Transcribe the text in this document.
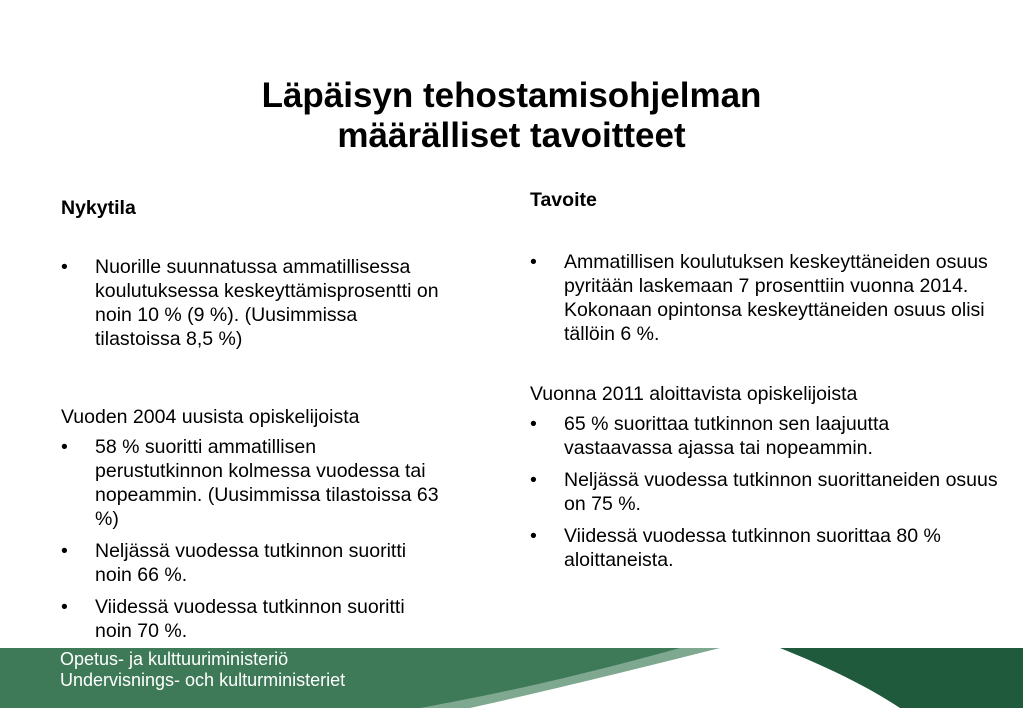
Läpäisyn tehostamisohjelman
määrälliset tavoitteet
Nykytila
• Nuorille suunnatussa ammatillisessa koulutuksessa keskeyttämisprosentti on noin 10 % (9 %). (Uusimmissa tilastoissa 8,5 %)

Vuoden 2004 uusista opiskelijoista

• 58 % suoritti ammatillisen perustutkinnon kolmessa vuodessa tai nopeammin. (Uusimmissa tilastoissa 63 %)
• Neljässä vuodessa tutkinnon suoritti noin 66 %.
• Viidessä vuodessa tutkinnon suoritti noin 70 %.
Tavoite
• Ammatillisen koulutuksen keskeyttäneiden osuus pyritään laskemaan 7 prosenttiin vuonna 2014. Kokonaan opintonsa keskeyttäneiden osuus olisi tällöin 6 %.

Vuonna 2011 aloittavista opiskelijoista

• 65 % suorittaa tutkinnon sen laajuutta vastaavassa ajassa tai nopeammin.
• Neljässä vuodessa tutkinnon suorittaneiden osuus on 75 %.
• Viidessä vuodessa tutkinnon suorittaa 80 % aloittaneista.
Opetus- ja kulttuuriministeriö
Undervisnings- och kulturministeriet
